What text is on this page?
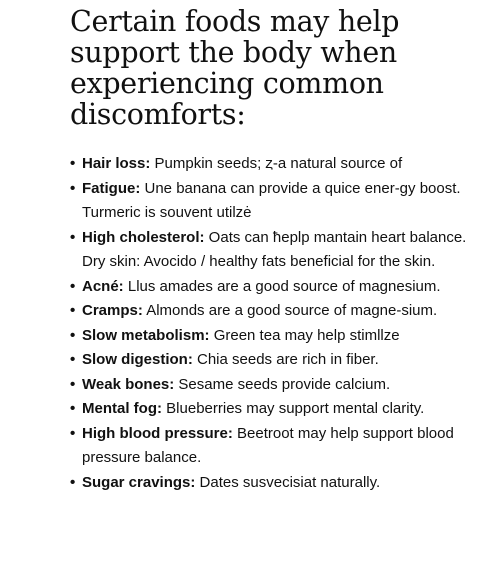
Certain foods may help support the body when experiencing common discomforts:
• Hair loss: Pumpkin seeds; ȥ-a natural source of
• Fatigue: Une banana can provide a quice ener-gy boost. Turmeric is souvent utilzė
• High cholesterol: Oats can ħeplp mantain heart balance. Dry skin: Avocido / healthy fats beneficial for the skin.
• Acné: Llus amades are a good source of magnesium.
• Cramps: Almonds are a good source of magne-sium.
• Slow metabolism: Green tea may help stimllze
• Slow digestion: Chia seeds are rich in fiber.
• Weak bones: Sesame seeds provide calcium.
• Mental fog: Blueberries may support mental clarity.
• High blood pressure: Beetroot may help support blood pressure balance.
• Sugar cravings: Dates susvecisiat naturally.
